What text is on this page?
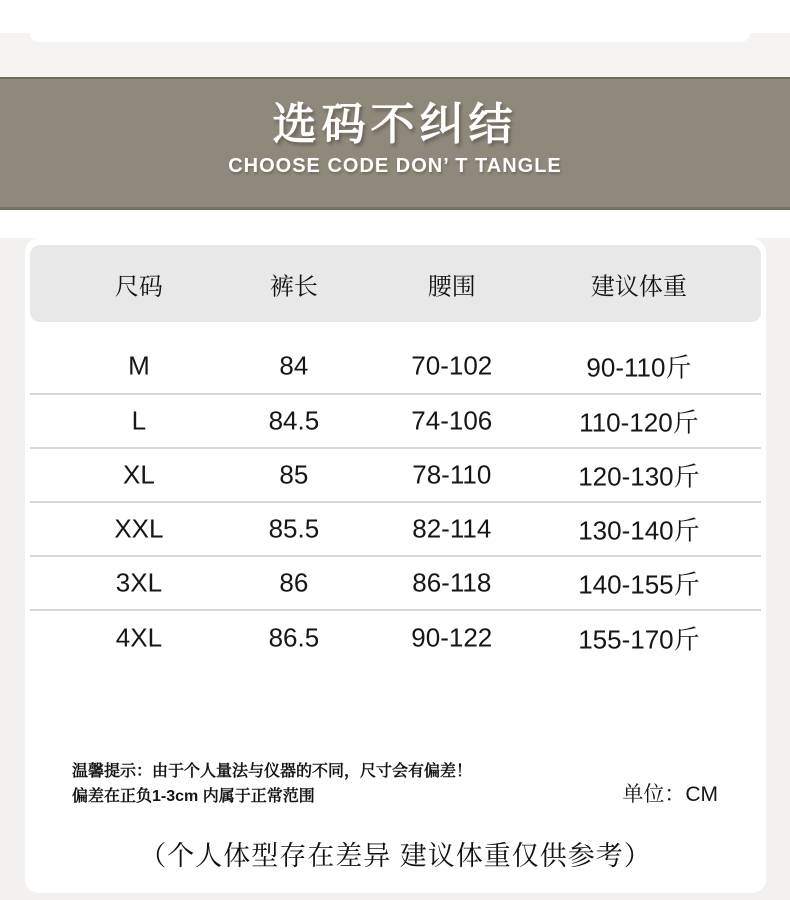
选码不纠结
CHOOSE CODE DON’ T TANGLE
尺码	裤长	腰围	建议体重
M	84	70-102	90-110斤
L	84.5	74-106	110-120斤
XL	85	78-110	120-130斤
XXL	85.5	82-114	130-140斤
3XL	86	86-118	140-155斤
4XL	86.5	90-122	155-170斤
温馨提示：由于个人量法与仪器的不同，尺寸会有偏差！
偏差在正负1-3cm 内属于正常范围	单位：CM
（个人体型存在差异 建议体重仅供参考）
